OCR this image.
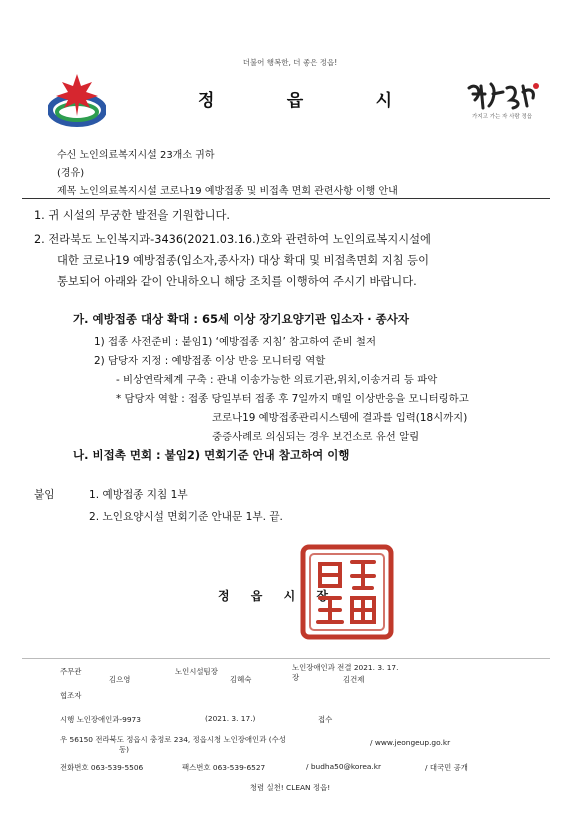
더불어 행복한, 더 좋은 정읍!
정	읍	시
가지고 가는 자 사람 정읍
수신 노인의료복지시설 23개소 귀하
(경유)
제목 노인의료복지시설 코로나19 예방접종 및 비접촉 면회 관련사항 이행 안내
1. 귀 시설의 무궁한 발전을 기원합니다.
2. 전라북도 노인복지과-3436(2021.03.16.)호와 관련하여 노인의료복지시설에
대한 코로나19 예방접종(입소자,종사자) 대상 확대 및 비접촉면회 지침 등이
통보되어 아래와 같이 안내하오니 해당 조치를 이행하여 주시기 바랍니다.
가. 예방접종 대상 확대 : 65세 이상 장기요양기관 입소자 · 종사자
1) 접종 사전준비 : 붙임1) ‘예방접종 지침’ 참고하여 준비 철저
2) 담당자 지정 : 예방접종 이상 반응 모니터링 역할
- 비상연락체계 구축 : 관내 이송가능한 의료기관,위치,이송거리 등 파악
* 담당자 역할 : 접종 당일부터 접종 후 7일까지 매일 이상반응을 모니터링하고
코로나19 예방접종관리시스템에 결과를 입력(18시까지)
중증사례로 의심되는 경우 보건소로 유선 알림
나. 비접촉 면회 : 붙임2) 면회기준 안내 참고하여 이행
붙임	1. 예방접종 지침 1부
2. 노인요양시설 면회기준 안내문 1부. 끝.
정 읍 시 장
주무관
김으영
노인시설팀장
김혜숙
노인장애인과 전결 2021. 3. 17.
장	김건제
협조자
시행 노인장애인과-9973	(2021. 3. 17.)	접수
우 56150 전라북도 정읍시 충정로 234, 정읍시청 노인장애인과 (수성
동)
/ www.jeongeup.go.kr
전화번호 063-539-5506	팩스번호 063-539-6527	/ budha50@korea.kr	/ 대국민 공개
청렴 실천! CLEAN 정읍!
